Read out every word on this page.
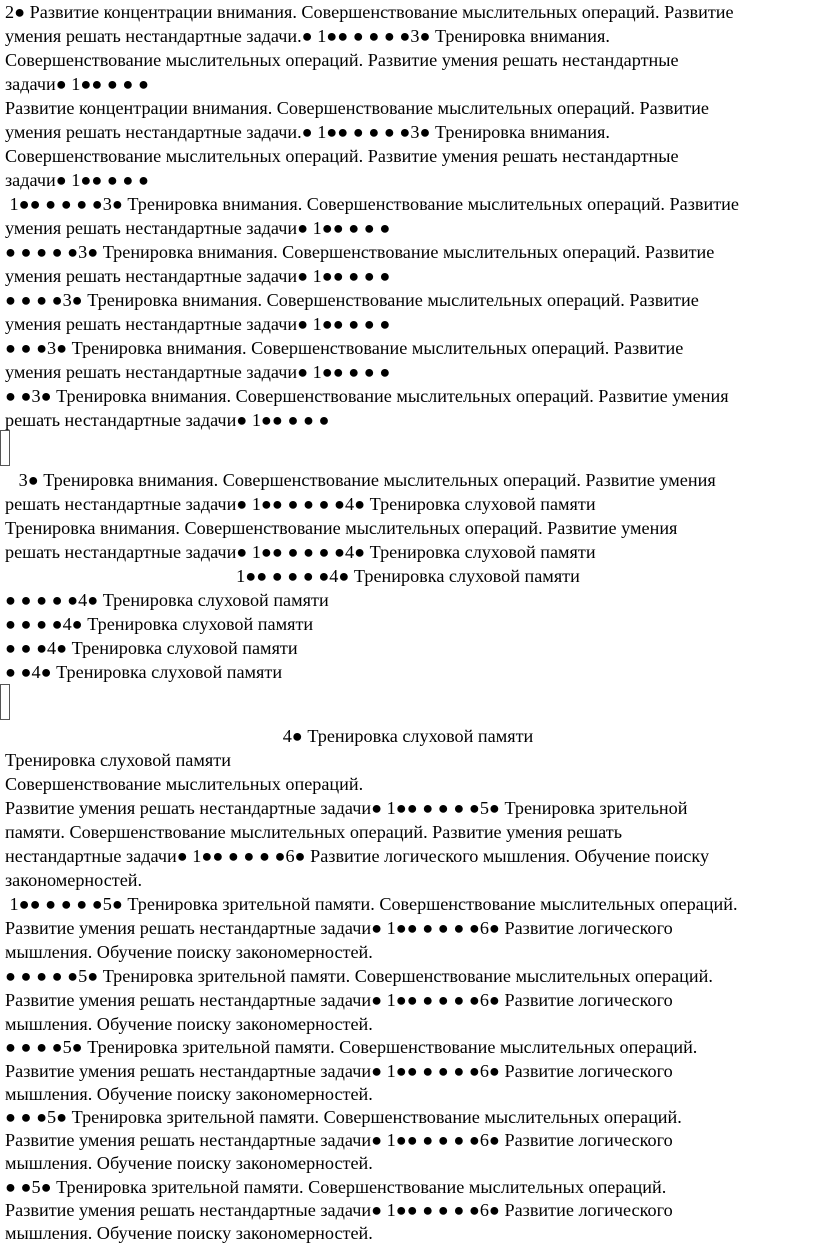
2● Развитие концентрации внимания. Совершенствование мыслительных операций. Развитие
умения решать нестандартные задачи.● 1●● ● ● ● ●3● Тренировка внимания.
Совершенствование мыслительных операций. Развитие умения решать нестандартные
задачи● 1●● ● ● ●
Развитие концентрации внимания. Совершенствование мыслительных операций. Развитие
умения решать нестандартные задачи.● 1●● ● ● ● ●3● Тренировка внимания.
Совершенствование мыслительных операций. Развитие умения решать нестандартные
задачи● 1●● ● ● ●
1●● ● ● ● ●3● Тренировка внимания. Совершенствование мыслительных операций. Развитие
умения решать нестандартные задачи● 1●● ● ● ●
● ● ● ● ●3● Тренировка внимания. Совершенствование мыслительных операций. Развитие
умения решать нестандартные задачи● 1●● ● ● ●
● ● ● ●3● Тренировка внимания. Совершенствование мыслительных операций. Развитие
умения решать нестандартные задачи● 1●● ● ● ●
● ● ●3● Тренировка внимания. Совершенствование мыслительных операций. Развитие
умения решать нестандартные задачи● 1●● ● ● ●
● ●3● Тренировка внимания. Совершенствование мыслительных операций. Развитие умения
решать нестандартные задачи● 1●● ● ● ●
3● Тренировка внимания. Совершенствование мыслительных операций. Развитие умения
решать нестандартные задачи● 1●● ● ● ● ●4● Тренировка слуховой памяти
Тренировка внимания. Совершенствование мыслительных операций. Развитие умения
решать нестандартные задачи● 1●● ● ● ● ●4● Тренировка слуховой памяти
1●● ● ● ● ●4● Тренировка слуховой памяти
● ● ● ● ●4● Тренировка слуховой памяти
● ● ● ●4● Тренировка слуховой памяти
● ● ●4● Тренировка слуховой памяти
● ●4● Тренировка слуховой памяти
4● Тренировка слуховой памяти
Тренировка слуховой памяти
Совершенствование мыслительных операций.
Развитие умения решать нестандартные задачи● 1●● ● ● ● ●5● Тренировка зрительной
памяти. Совершенствование мыслительных операций. Развитие умения решать
нестандартные задачи● 1●● ● ● ● ●6● Развитие логического мышления. Обучение поиску
закономерностей.
1●● ● ● ● ●5● Тренировка зрительной памяти. Совершенствование мыслительных операций.
Развитие умения решать нестандартные задачи● 1●● ● ● ● ●6● Развитие логического
мышления. Обучение поиску закономерностей.
● ● ● ● ●5● Тренировка зрительной памяти. Совершенствование мыслительных операций.
Развитие умения решать нестандартные задачи● 1●● ● ● ● ●6● Развитие логического
мышления. Обучение поиску закономерностей.
● ● ● ●5● Тренировка зрительной памяти. Совершенствование мыслительных операций.
Развитие умения решать нестандартные задачи● 1●● ● ● ● ●6● Развитие логического
мышления. Обучение поиску закономерностей.
● ● ●5● Тренировка зрительной памяти. Совершенствование мыслительных операций.
Развитие умения решать нестандартные задачи● 1●● ● ● ● ●6● Развитие логического
мышления. Обучение поиску закономерностей.
● ●5● Тренировка зрительной памяти. Совершенствование мыслительных операций.
Развитие умения решать нестандартные задачи● 1●● ● ● ● ●6● Развитие логического
мышления. Обучение поиску закономерностей.
